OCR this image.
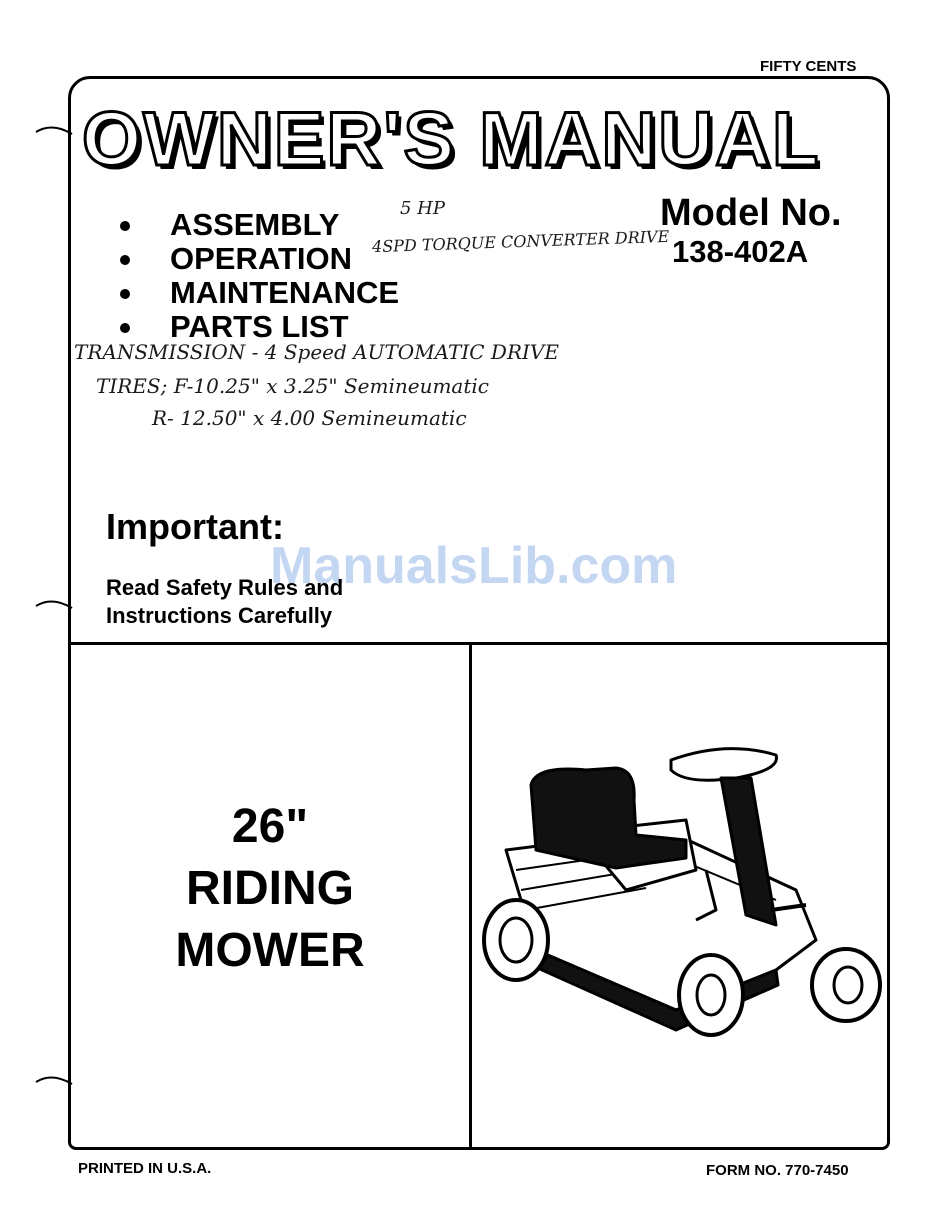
FIFTY CENTS
OWNER'S MANUAL
Model No.
138-402A
ASSEMBLY
OPERATION
MAINTENANCE
PARTS LIST
5 HP
4SPD TORQUE CONVERTER DRIVE
TRANSMISSION - 4 Speed AUTOMATIC DRIVE
TIRES; F-10.25" x 3.25" Semineumatic
R- 12.50" x 4.00 Semineumatic
Important:
ManualsLib.com
Read Safety Rules and
Instructions Carefully
26"
RIDING
MOWER
PRINTED IN U.S.A.	FORM NO. 770-7450
